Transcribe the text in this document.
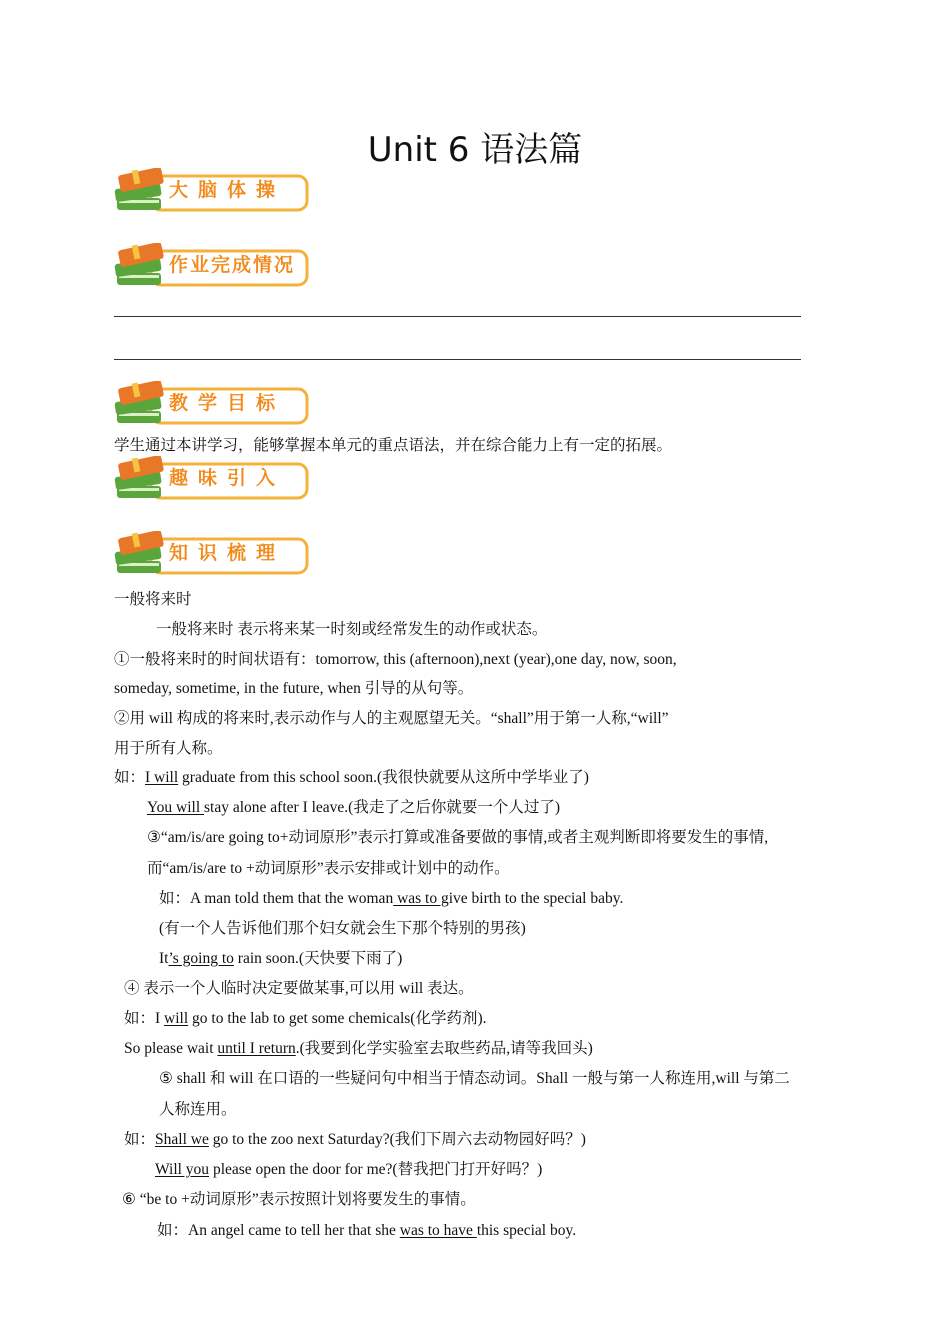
Unit 6 语法篇
大脑体操
作业完成情况
教学目标
学生通过本讲学习，能够掌握本单元的重点语法，并在综合能力上有一定的拓展。
趣味引入
知识梳理
一般将来时
一般将来时 表示将来某一时刻或经常发生的动作或状态。
①一般将来时的时间状语有：tomorrow, this (afternoon),next (year),one day, now, soon,
someday, sometime, in the future, when 引导的从句等。
②用 will 构成的将来时,表示动作与人的主观愿望无关。“shall”用于第一人称,“will”
用于所有人称。
如：I will graduate from this school soon.(我很快就要从这所中学毕业了)
You will stay alone after I leave.(我走了之后你就要一个人过了)
③“am/is/are going to+动词原形”表示打算或准备要做的事情,或者主观判断即将要发生的事情,
而“am/is/are to +动词原形”表示安排或计划中的动作。
如：A man told them that the woman was to give birth to the special baby.
(有一个人告诉他们那个妇女就会生下那个特别的男孩)
It’s going to rain soon.(天快要下雨了)
④ 表示一个人临时决定要做某事,可以用 will 表达。
如：I will go to the lab to get some chemicals(化学药剂).
So please wait until I return.(我要到化学实验室去取些药品,请等我回头)
⑤ shall 和 will 在口语的一些疑问句中相当于情态动词。Shall 一般与第一人称连用,will 与第二
人称连用。
如：Shall we go to the zoo next Saturday?(我们下周六去动物园好吗？)
Will you please open the door for me?(替我把门打开好吗？)
⑥ “be to +动词原形”表示按照计划将要发生的事情。
如：An angel came to tell her that she was to have this special boy.
